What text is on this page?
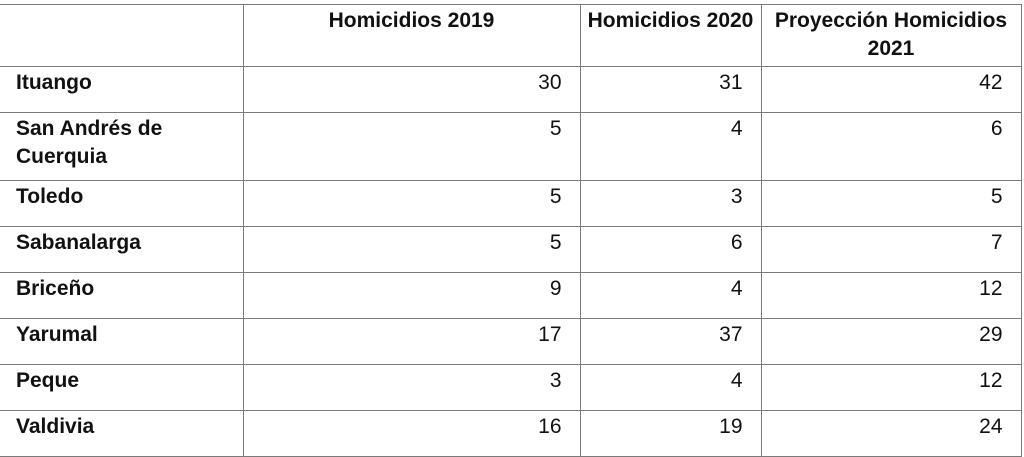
	Homicidios 2019	Homicidios 2020	Proyección Homicidios 2021

Ituango	30	31	42

San Andrés de Cuerquia	5	4	6

Toledo	5	3	5

Sabanalarga	5	6	7

Briceño	9	4	12

Yarumal	17	37	29

Peque	3	4	12

Valdivia	16	19	24
